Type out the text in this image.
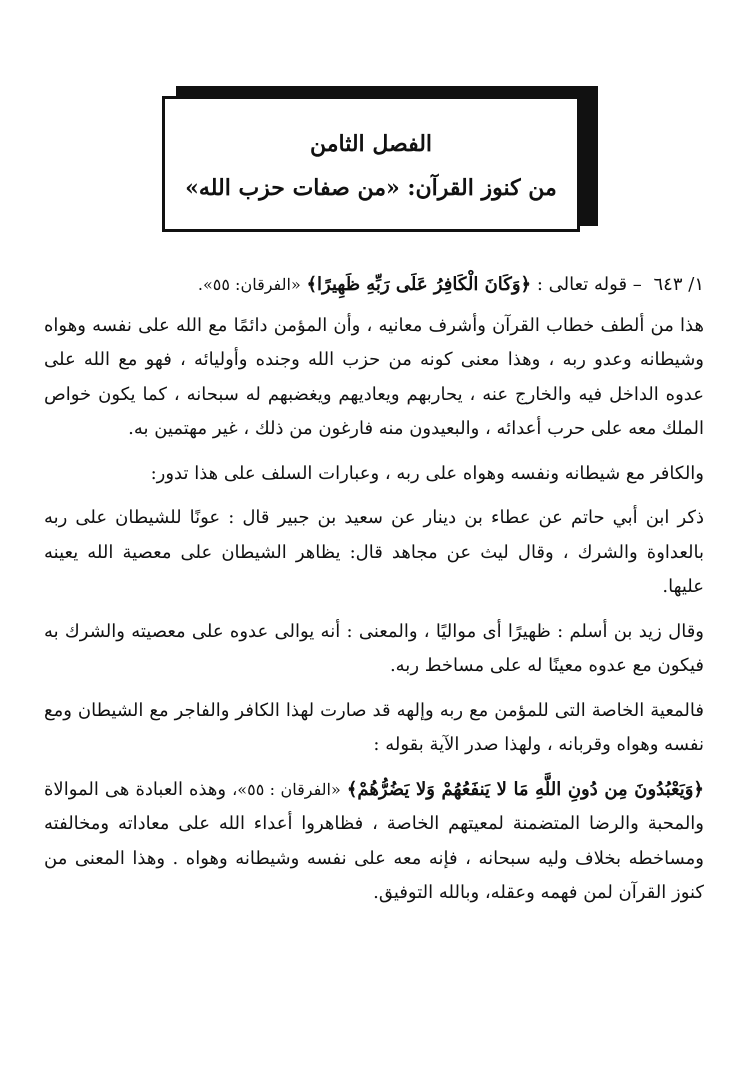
الفصل الثامن
من كنوز القرآن: «من صفات حزب الله»

١/ ٦٤٣ – قوله تعالى : ﴿وَكَانَ الْكَافِرُ عَلَى رَبِّهِ ظَهِيرًا﴾ «الفرقان: ٥٥».

هذا من ألطف خطاب القرآن وأشرف معانيه ، وأن المؤمن دائمًا مع الله على نفسه وهواه وشيطانه وعدو ربه ، وهذا معنى كونه من حزب الله وجنده وأوليائه ، فهو مع الله على عدوه الداخل فيه والخارج عنه ، يحاربهم ويعاديهم ويغضبهم له سبحانه ، كما يكون خواص الملك معه على حرب أعدائه ، والبعيدون منه فارغون من ذلك ، غير مهتمين به.

والكافر مع شيطانه ونفسه وهواه على ربه ، وعبارات السلف على هذا تدور:

ذكر ابن أبي حاتم عن عطاء بن دينار عن سعيد بن جبير قال : عونًا للشيطان على ربه بالعداوة والشرك ، وقال ليث عن مجاهد قال: يظاهر الشيطان على معصية الله يعينه عليها.

وقال زيد بن أسلم : ظهيرًا أى مواليًا ، والمعنى : أنه يوالى عدوه على معصيته والشرك به فيكون مع عدوه معينًا له على مساخط ربه.

فالمعية الخاصة التى للمؤمن مع ربه وإلهه قد صارت لهذا الكافر والفاجر مع الشيطان ومع نفسه وهواه وقربانه ، ولهذا صدر الآية بقوله :

﴿وَيَعْبُدُونَ مِن دُونِ اللَّهِ مَا لا يَنفَعُهُمْ وَلا يَضُرُّهُمْ﴾ «الفرقان : ٥٥»، وهذه العبادة هى الموالاة والمحبة والرضا المتضمنة لمعيتهم الخاصة ، فظاهروا أعداء الله على معاداته ومخالفته ومساخطه بخلاف وليه سبحانه ، فإنه معه على نفسه وشيطانه وهواه . وهذا المعنى من كنوز القرآن لمن فهمه وعقله، وبالله التوفيق.
